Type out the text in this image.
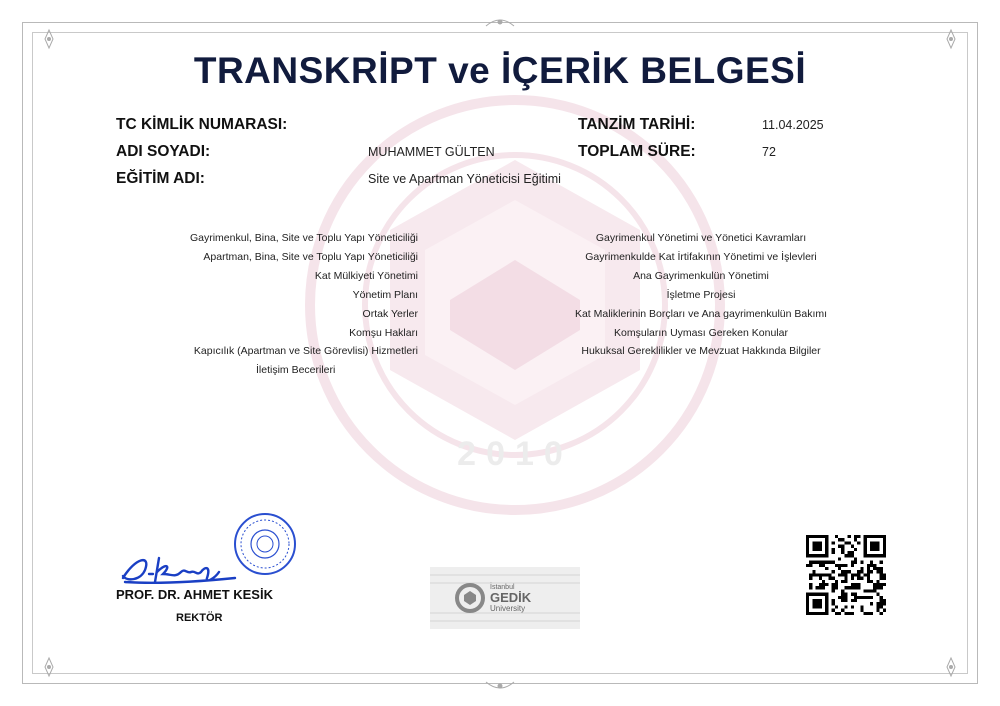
2010
TRANSKRİPT ve İÇERİK BELGESİ
TC KİMLİK NUMARASI:
ADI SOYADI:	MUHAMMET GÜLTEN
EĞİTİM ADI:	Site ve Apartman Yöneticisi Eğitimi
TANZİM TARİHİ:	11.04.2025
TOPLAM SÜRE:	72
Gayrimenkul, Bina, Site ve Toplu Yapı Yöneticiliği
Apartman, Bina, Site ve Toplu Yapı Yöneticiliği
Kat Mülkiyeti Yönetimi
Yönetim Planı
Ortak Yerler
Komşu Hakları
Kapıcılık (Apartman ve Site Görevlisi) Hizmetleri
İletişim Becerileri
Gayrimenkul Yönetimi ve Yönetici Kavramları
Gayrimenkulde Kat İrtifakının Yönetimi ve İşlevleri
Ana Gayrimenkulün Yönetimi
İşletme Projesi
Kat Maliklerinin Borçları ve Ana gayrimenkulün Bakımı
Komşuların Uyması Gereken Konular
Hukuksal Gereklilikler ve Mevzuat Hakkında Bilgiler
PROF. DR. AHMET KESİK
REKTÖR
İstanbul
GEDİK
University
